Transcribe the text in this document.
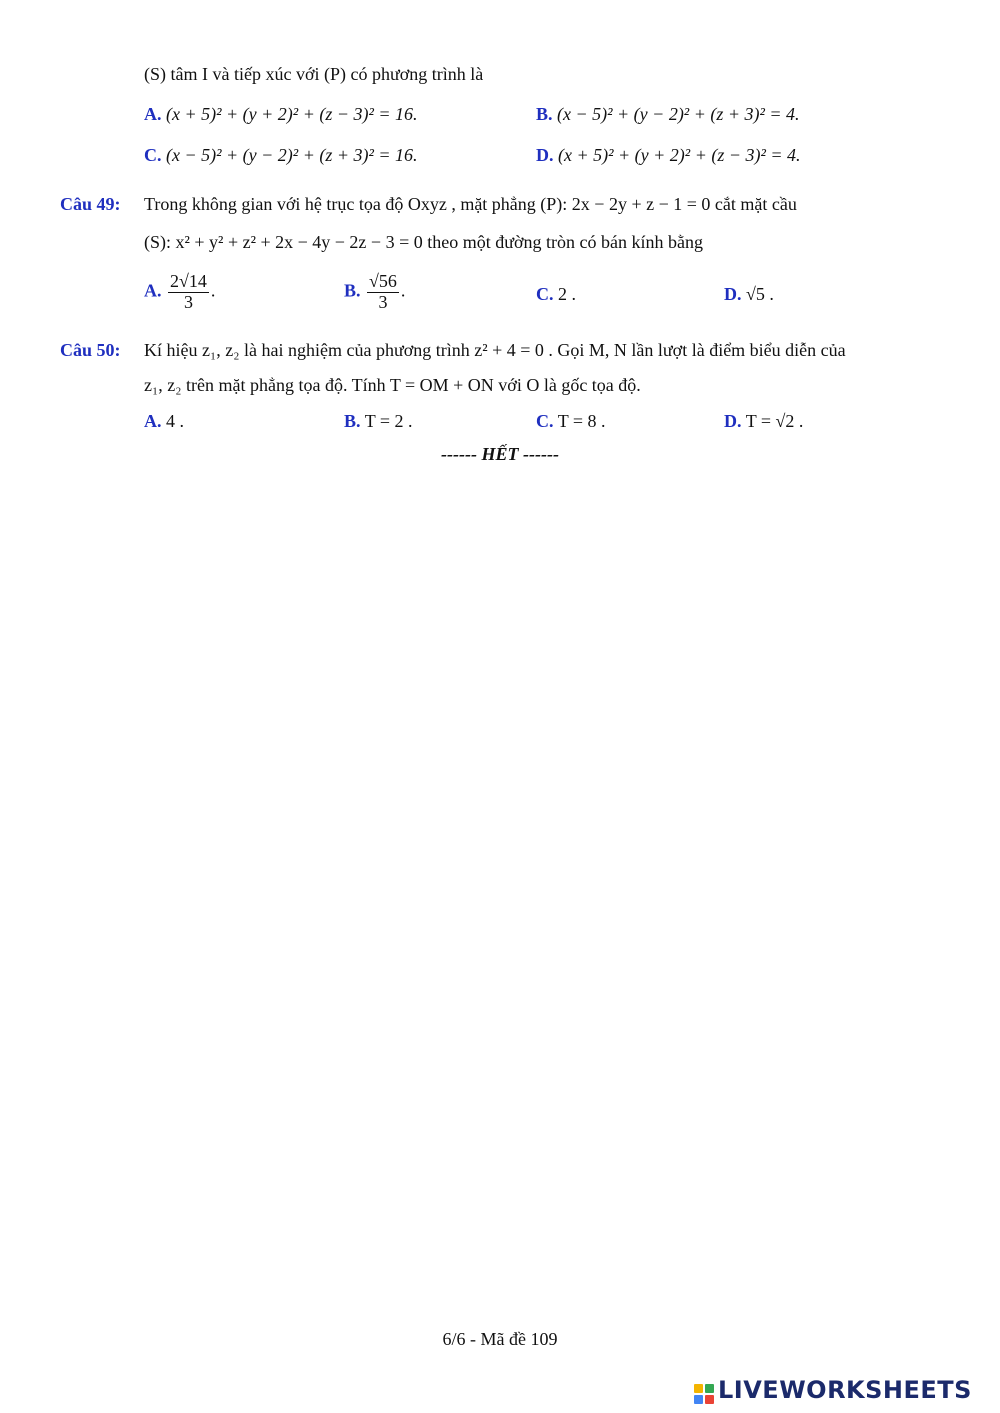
(S) tâm I và tiếp xúc với (P) có phương trình là
A. (x + 5)² + (y + 2)² + (z − 3)² = 16.	B. (x − 5)² + (y − 2)² + (z + 3)² = 4.
C. (x − 5)² + (y − 2)² + (z + 3)² = 16.	D. (x + 5)² + (y + 2)² + (z − 3)² = 4.
Câu 49: Trong không gian với hệ trục tọa độ Oxyz , mặt phẳng (P): 2x − 2y + z − 1 = 0 cắt mặt cầu
(S): x² + y² + z² + 2x − 4y − 2z − 3 = 0 theo một đường tròn có bán kính bằng
A. $\frac{2√14}{3}$ .	B. $\frac{√56}{3}$ .	C. 2 .	D. √5 .
Câu 50: Kí hiệu z₁, z₂ là hai nghiệm của phương trình z² + 4 = 0 . Gọi M, N lần lượt là điểm biểu diễn của
z₁, z₂ trên mặt phẳng tọa độ. Tính T = OM + ON với O là gốc tọa độ.
A. 4 .	B. T = 2 .	C. T = 8 .	D. T = √2 .
------ HẾT ------
6/6 - Mã đề 109
LIVEWORKSHEETS
